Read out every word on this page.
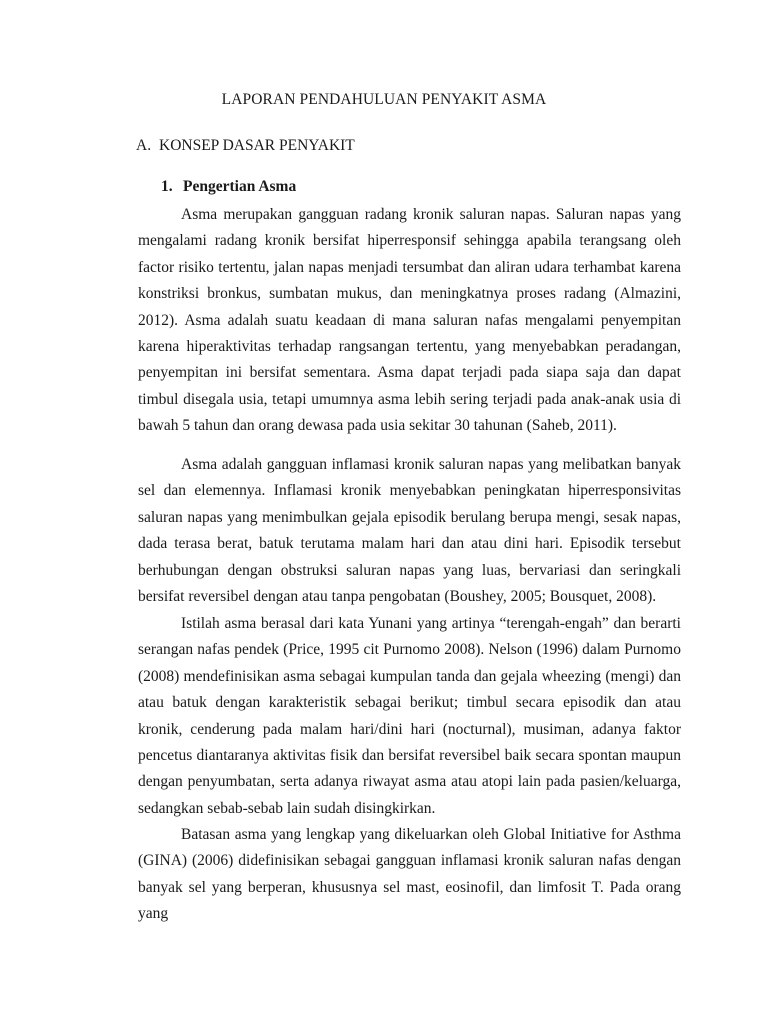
LAPORAN PENDAHULUAN PENYAKIT ASMA
A. KONSEP DASAR PENYAKIT
1. Pengertian Asma

Asma merupakan gangguan radang kronik saluran napas. Saluran napas yang mengalami radang kronik bersifat hiperresponsif sehingga apabila terangsang oleh factor risiko tertentu, jalan napas menjadi tersumbat dan aliran udara terhambat karena konstriksi bronkus, sumbatan mukus, dan meningkatnya proses radang (Almazini, 2012). Asma adalah suatu keadaan di mana saluran nafas mengalami penyempitan karena hiperaktivitas terhadap rangsangan tertentu, yang menyebabkan peradangan, penyempitan ini bersifat sementara. Asma dapat terjadi pada siapa saja dan dapat timbul disegala usia, tetapi umumnya asma lebih sering terjadi pada anak-anak usia di bawah 5 tahun dan orang dewasa pada usia sekitar 30 tahunan (Saheb, 2011).

Asma adalah gangguan inflamasi kronik saluran napas yang melibatkan banyak sel dan elemennya. Inflamasi kronik menyebabkan peningkatan hiperresponsivitas saluran napas yang menimbulkan gejala episodik berulang berupa mengi, sesak napas, dada terasa berat, batuk terutama malam hari dan atau dini hari. Episodik tersebut berhubungan dengan obstruksi saluran napas yang luas, bervariasi dan seringkali bersifat reversibel dengan atau tanpa pengobatan (Boushey, 2005; Bousquet, 2008).

Istilah asma berasal dari kata Yunani yang artinya “terengah-engah” dan berarti serangan nafas pendek (Price, 1995 cit Purnomo 2008). Nelson (1996) dalam Purnomo (2008) mendefinisikan asma sebagai kumpulan tanda dan gejala wheezing (mengi) dan atau batuk dengan karakteristik sebagai berikut; timbul secara episodik dan atau kronik, cenderung pada malam hari/dini hari (nocturnal), musiman, adanya faktor pencetus diantaranya aktivitas fisik dan bersifat reversibel baik secara spontan maupun dengan penyumbatan, serta adanya riwayat asma atau atopi lain pada pasien/keluarga, sedangkan sebab-sebab lain sudah disingkirkan.

Batasan asma yang lengkap yang dikeluarkan oleh Global Initiative for Asthma (GINA) (2006) didefinisikan sebagai gangguan inflamasi kronik saluran nafas dengan banyak sel yang berperan, khususnya sel mast, eosinofil, dan limfosit T. Pada orang yang
